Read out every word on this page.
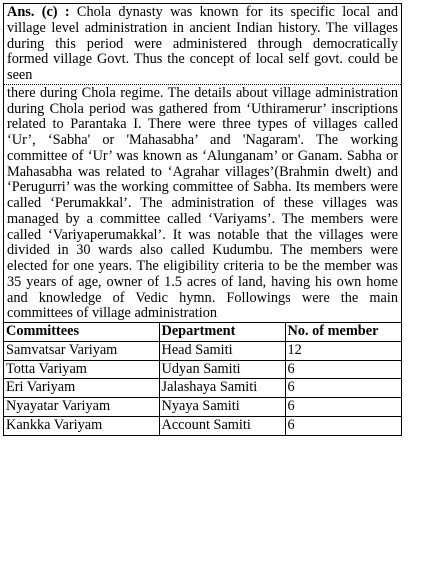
Ans. (c) : Chola dynasty was known for its specific local and village level administration in ancient Indian history. The villages during this period were administered through democratically formed village Govt. Thus the concept of local self govt. could be seen

there during Chola regime. The details about village administration during Chola period was gathered from ‘Uthiramerur’ inscriptions related to Parantaka I. There were three types of villages called ‘Ur’, ‘Sabha' or 'Mahasabha’ and 'Nagaram'. The working committee of ‘Ur’ was known as ‘Alunganam’ or Ganam. Sabha or Mahasabha was related to ‘Agrahar villages’(Brahmin dwelt) and ‘Perugurri’ was the working committee of Sabha. Its members were called ‘Perumakkal’. The administration of these villages was managed by a committee called ‘Variyams’. The members were called ‘Variyaperumakkal’. It was notable that the villages were divided in 30 wards also called Kudumbu. The members were elected for one years. The eligibility criteria to be the member was 35 years of age, owner of 1.5 acres of land, having his own home and knowledge of Vedic hymn. Followings were the main committees of village administration

Committees	Department	No. of member
Samvatsar Variyam	Head Samiti	12
Totta Variyam	Udyan Samiti	6
Eri Variyam	Jalashaya Samiti	6
Nyayatar Variyam	Nyaya Samiti	6
Kankka Variyam	Account Samiti	6
